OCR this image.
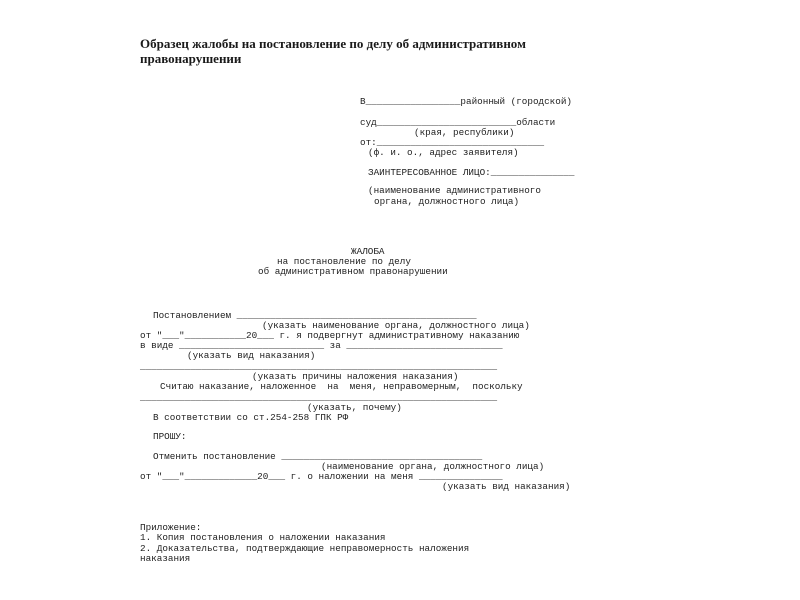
Образец жалобы на постановление по делу об административном правонарушении
В_________________районный (городской)
суд_________________________области
(края, республики)
от:______________________________
(ф. и. о., адрес заявителя)
ЗАИНТЕРЕСОВАННОЕ ЛИЦО:_______________
(наименование административного
органа, должностного лица)
ЖАЛОБА
на постановление по делу
об административном правонарушении
Постановлением ___________________________________________
(указать наименование органа, должностного лица)
от "___"___________20___ г. я подвергнут административному наказанию
в виде __________________________ за ____________________________
(указать вид наказания)
________________________________________________________________
(указать причины наложения наказания)
Считаю наказание, наложенное  на  меня, неправомерным,  поскольку
________________________________________________________________
(указать, почему)
В соответствии со ст.254-258 ГПК РФ
ПРОШУ:
Отменить постановление ____________________________________
(наименование органа, должностного лица)
от "___"_____________20___ г. о наложении на меня _______________
(указать вид наказания)
Приложение:
1. Копия постановления о наложении наказания
2. Доказательства, подтверждающие неправомерность наложения
наказания
